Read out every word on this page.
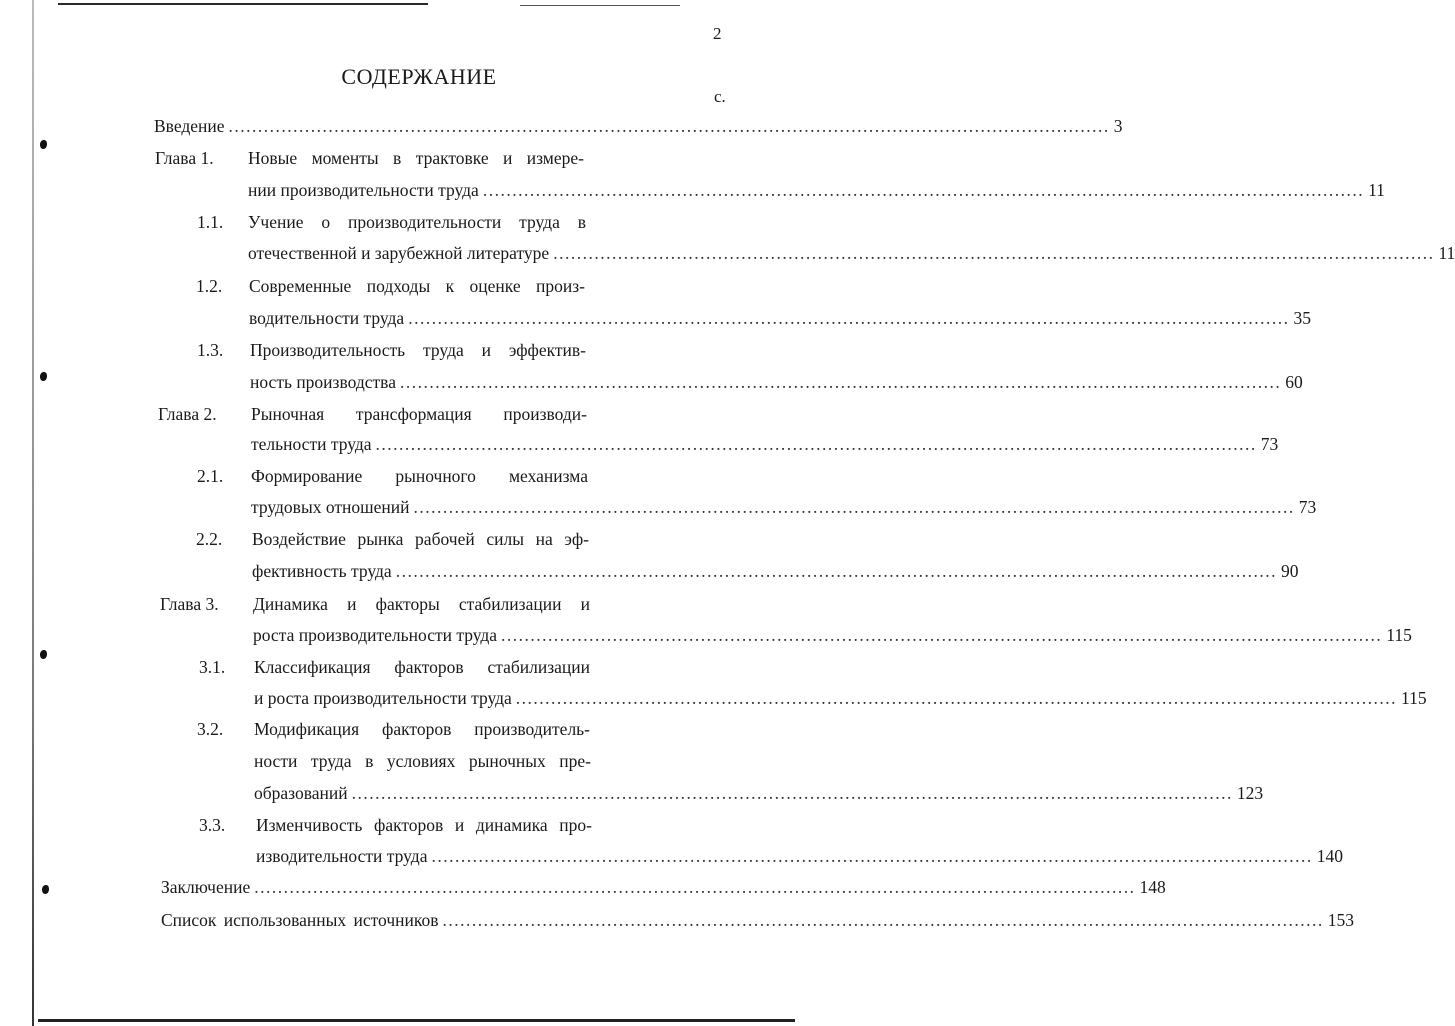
2
СОДЕРЖАНИЕ
с.
Введение ...................................................................................................................................................... 3
Глава 1. Новые моменты в трактовке и измере-
нии производительности труда ...................................................................................................................................................... 11
1.1. Учение о производительности труда в
отечественной и зарубежной литературе ...................................................................................................................................................... 11
1.2. Современные подходы к оценке произ-
водительности труда ...................................................................................................................................................... 35
1.3. Производительность труда и эффектив-
ность производства ...................................................................................................................................................... 60
Глава 2. Рыночная трансформация производи-
тельности труда ...................................................................................................................................................... 73
2.1. Формирование рыночного механизма
трудовых отношений ...................................................................................................................................................... 73
2.2. Воздействие рынка рабочей силы на эф-
фективность труда ...................................................................................................................................................... 90
Глава 3. Динамика и факторы стабилизации и
роста производительности труда ...................................................................................................................................................... 115
3.1. Классификация факторов стабилизации
и роста производительности труда ...................................................................................................................................................... 115
3.2. Модификация факторов производитель-
ности труда в условиях рыночных пре-
образований ...................................................................................................................................................... 123
3.3. Изменчивость факторов и динамика про-
изводительности труда ...................................................................................................................................................... 140
Заключение ...................................................................................................................................................... 148
Список использованных источников ...................................................................................................................................................... 153
